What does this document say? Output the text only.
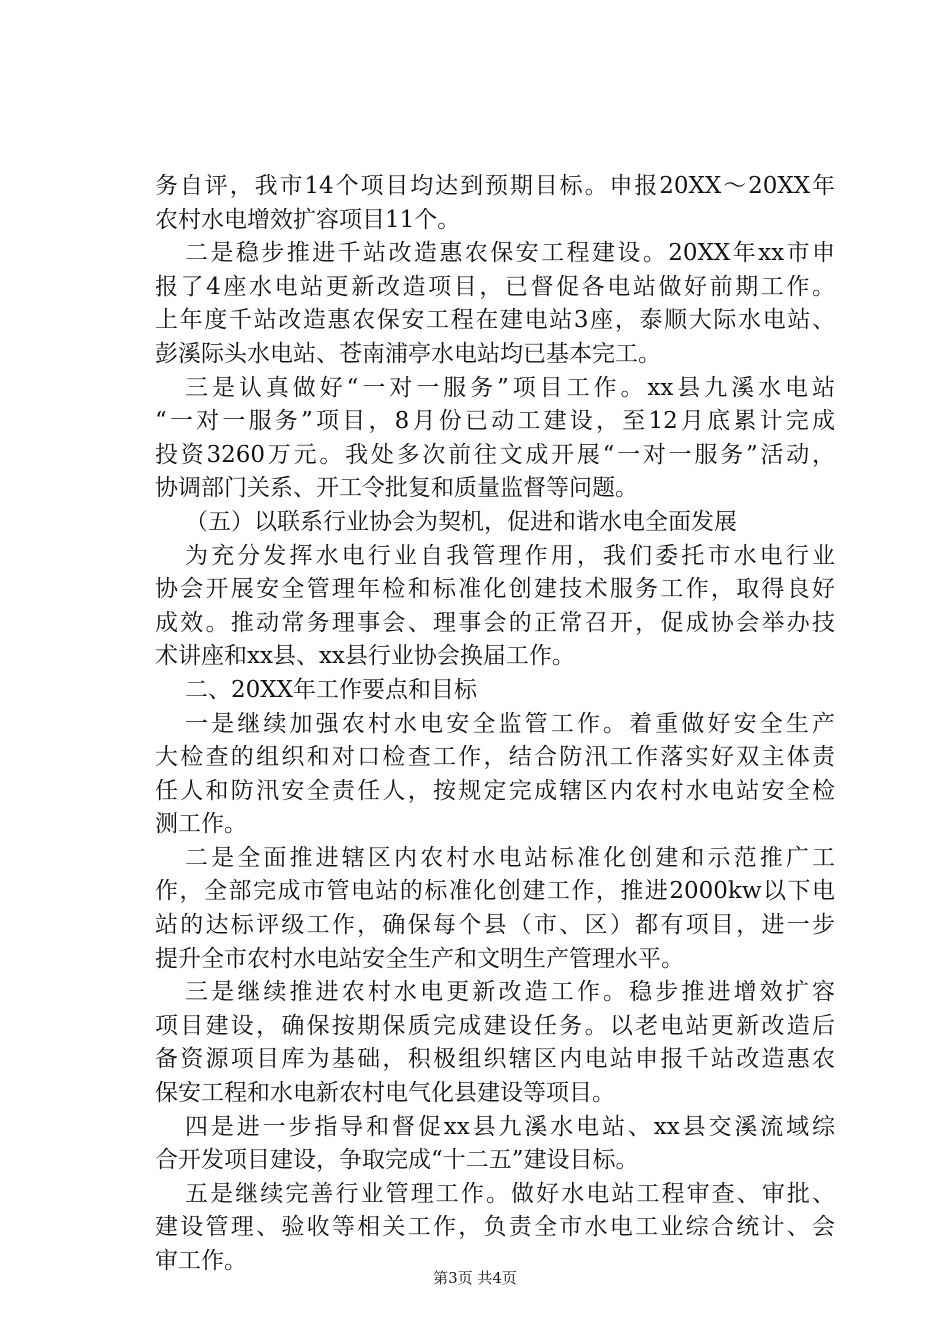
务自评，我市14个项目均达到预期目标。申报20XX～20XX年
农村水电增效扩容项目11个。
二是稳步推进千站改造惠农保安工程建设。20XX年xx市申
报了4座水电站更新改造项目，已督促各电站做好前期工作。
上年度千站改造惠农保安工程在建电站3座，泰顺大际水电站、
彭溪际头水电站、苍南浦亭水电站均已基本完工。
三是认真做好“一对一服务”项目工作。xx县九溪水电站
“一对一服务”项目，8月份已动工建设，至12月底累计完成
投资3260万元。我处多次前往文成开展“一对一服务”活动，
协调部门关系、开工令批复和质量监督等问题。
（五）以联系行业协会为契机，促进和谐水电全面发展
为充分发挥水电行业自我管理作用，我们委托市水电行业
协会开展安全管理年检和标准化创建技术服务工作，取得良好
成效。推动常务理事会、理事会的正常召开，促成协会举办技
术讲座和xx县、xx县行业协会换届工作。
二、20XX年工作要点和目标
一是继续加强农村水电安全监管工作。着重做好安全生产
大检查的组织和对口检查工作，结合防汛工作落实好双主体责
任人和防汛安全责任人，按规定完成辖区内农村水电站安全检
测工作。
二是全面推进辖区内农村水电站标准化创建和示范推广工
作，全部完成市管电站的标准化创建工作，推进2000kw以下电
站的达标评级工作，确保每个县（市、区）都有项目，进一步
提升全市农村水电站安全生产和文明生产管理水平。
三是继续推进农村水电更新改造工作。稳步推进增效扩容
项目建设，确保按期保质完成建设任务。以老电站更新改造后
备资源项目库为基础，积极组织辖区内电站申报千站改造惠农
保安工程和水电新农村电气化县建设等项目。
四是进一步指导和督促xx县九溪水电站、xx县交溪流域综
合开发项目建设，争取完成“十二五”建设目标。
五是继续完善行业管理工作。做好水电站工程审查、审批、
建设管理、验收等相关工作，负责全市水电工业综合统计、会
审工作。
第3页 共4页
